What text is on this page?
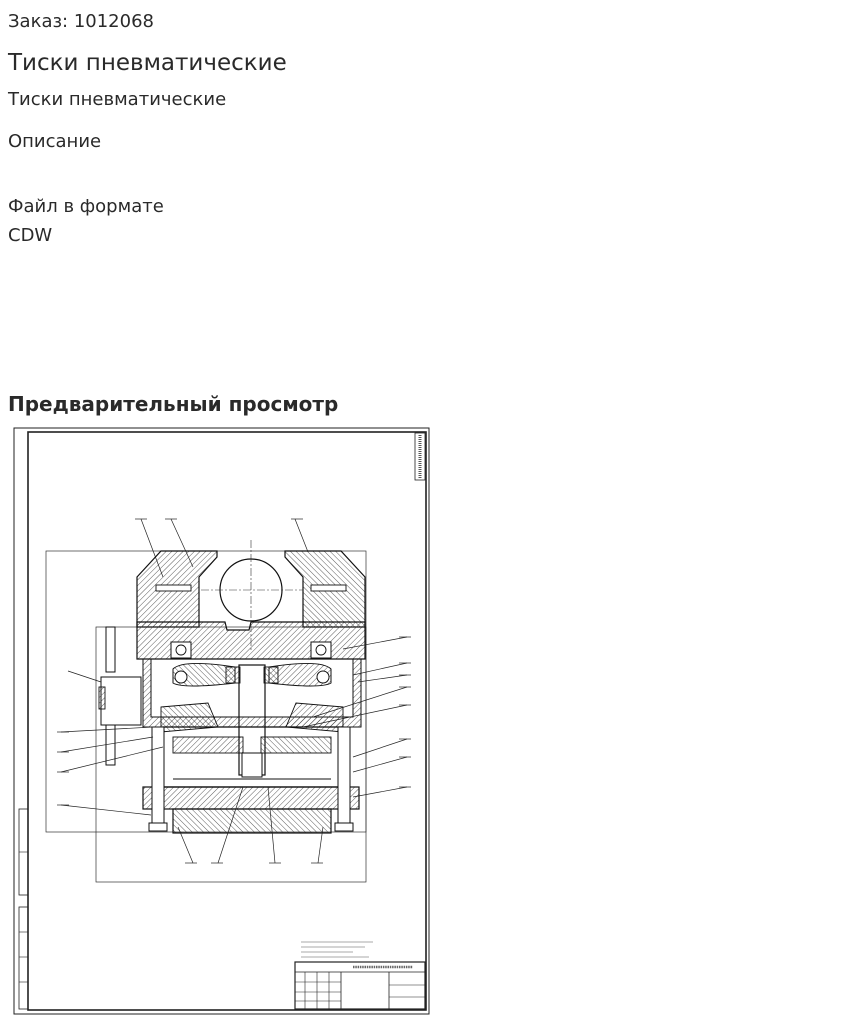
Заказ: 1012068
Тиски пневматические
Тиски пневматические
Описание
Файл в формате CDW
Предварительный просмотр
